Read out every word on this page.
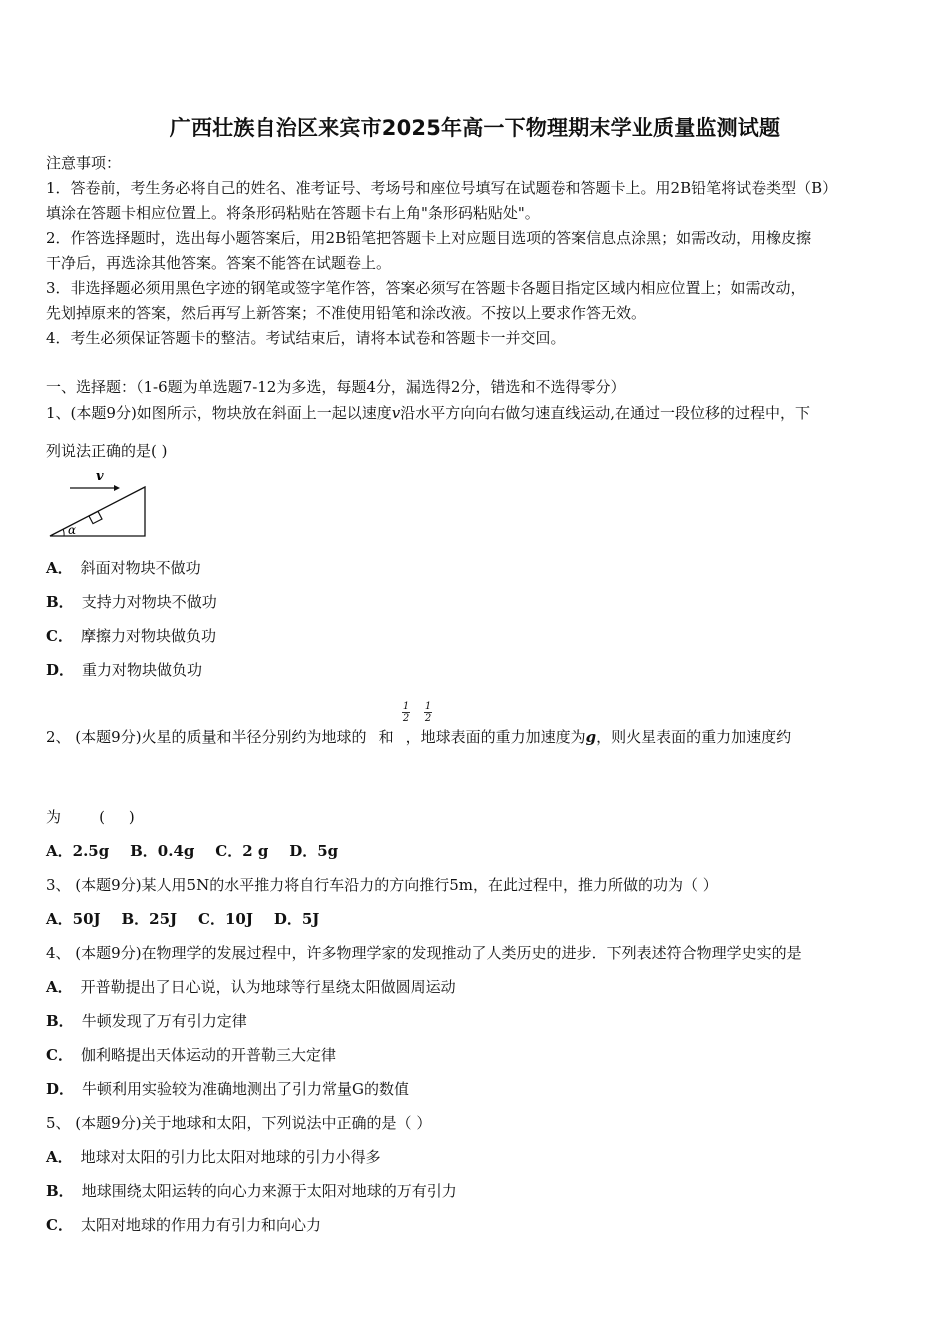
广西壮族自治区来宾市2025年高一下物理期末学业质量监测试题
注意事项：
1．答卷前，考生务必将自己的姓名、准考证号、考场号和座位号填写在试题卷和答题卡上。用2B铅笔将试卷类型（B）
填涂在答题卡相应位置上。将条形码粘贴在答题卡右上角"条形码粘贴处"。
2．作答选择题时，选出每小题答案后，用2B铅笔把答题卡上对应题目选项的答案信息点涂黑；如需改动，用橡皮擦
干净后，再选涂其他答案。答案不能答在试题卷上。
3．非选择题必须用黑色字迹的钢笔或签字笔作答，答案必须写在答题卡各题目指定区域内相应位置上；如需改动，
先划掉原来的答案，然后再写上新答案；不准使用铅笔和涂改液。不按以上要求作答无效。
4．考生必须保证答题卡的整洁。考试结束后，请将本试卷和答题卡一并交回。
一、选择题：（1-6题为单选题7-12为多选，每题4分，漏选得2分，错选和不选得零分）
1、(本题9分)如图所示，物块放在斜面上一起以速度v沿水平方向向右做匀速直线运动,在通过一段位移的过程中，下
列说法正确的是( )
v
α
A． 斜面对物块不做功
B． 支持力对物块不做功
C． 摩擦力对物块做负功
D． 重力对物块做负功
2、 (本题9分)火星的质量和半径分别约为地球的 和 ，地球表面的重力加速度为g，则火星表面的重力加速度约
1
2
1
2
为        (     )
A．2.5g    B．0.4g    C．2 g    D．5g
3、 (本题9分)某人用5N的水平推力将自行车沿力的方向推行5m，在此过程中，推力所做的功为（ ）
A．50J    B．25J    C．10J    D．5J
4、 (本题9分)在物理学的发展过程中，许多物理学家的发现推动了人类历史的进步．下列表述符合物理学史实的是
A． 开普勒提出了日心说，认为地球等行星绕太阳做圆周运动
B． 牛顿发现了万有引力定律
C． 伽利略提出天体运动的开普勒三大定律
D． 牛顿利用实验较为准确地测出了引力常量G的数值
5、 (本题9分)关于地球和太阳，下列说法中正确的是（ ）
A． 地球对太阳的引力比太阳对地球的引力小得多
B． 地球围绕太阳运转的向心力来源于太阳对地球的万有引力
C． 太阳对地球的作用力有引力和向心力
